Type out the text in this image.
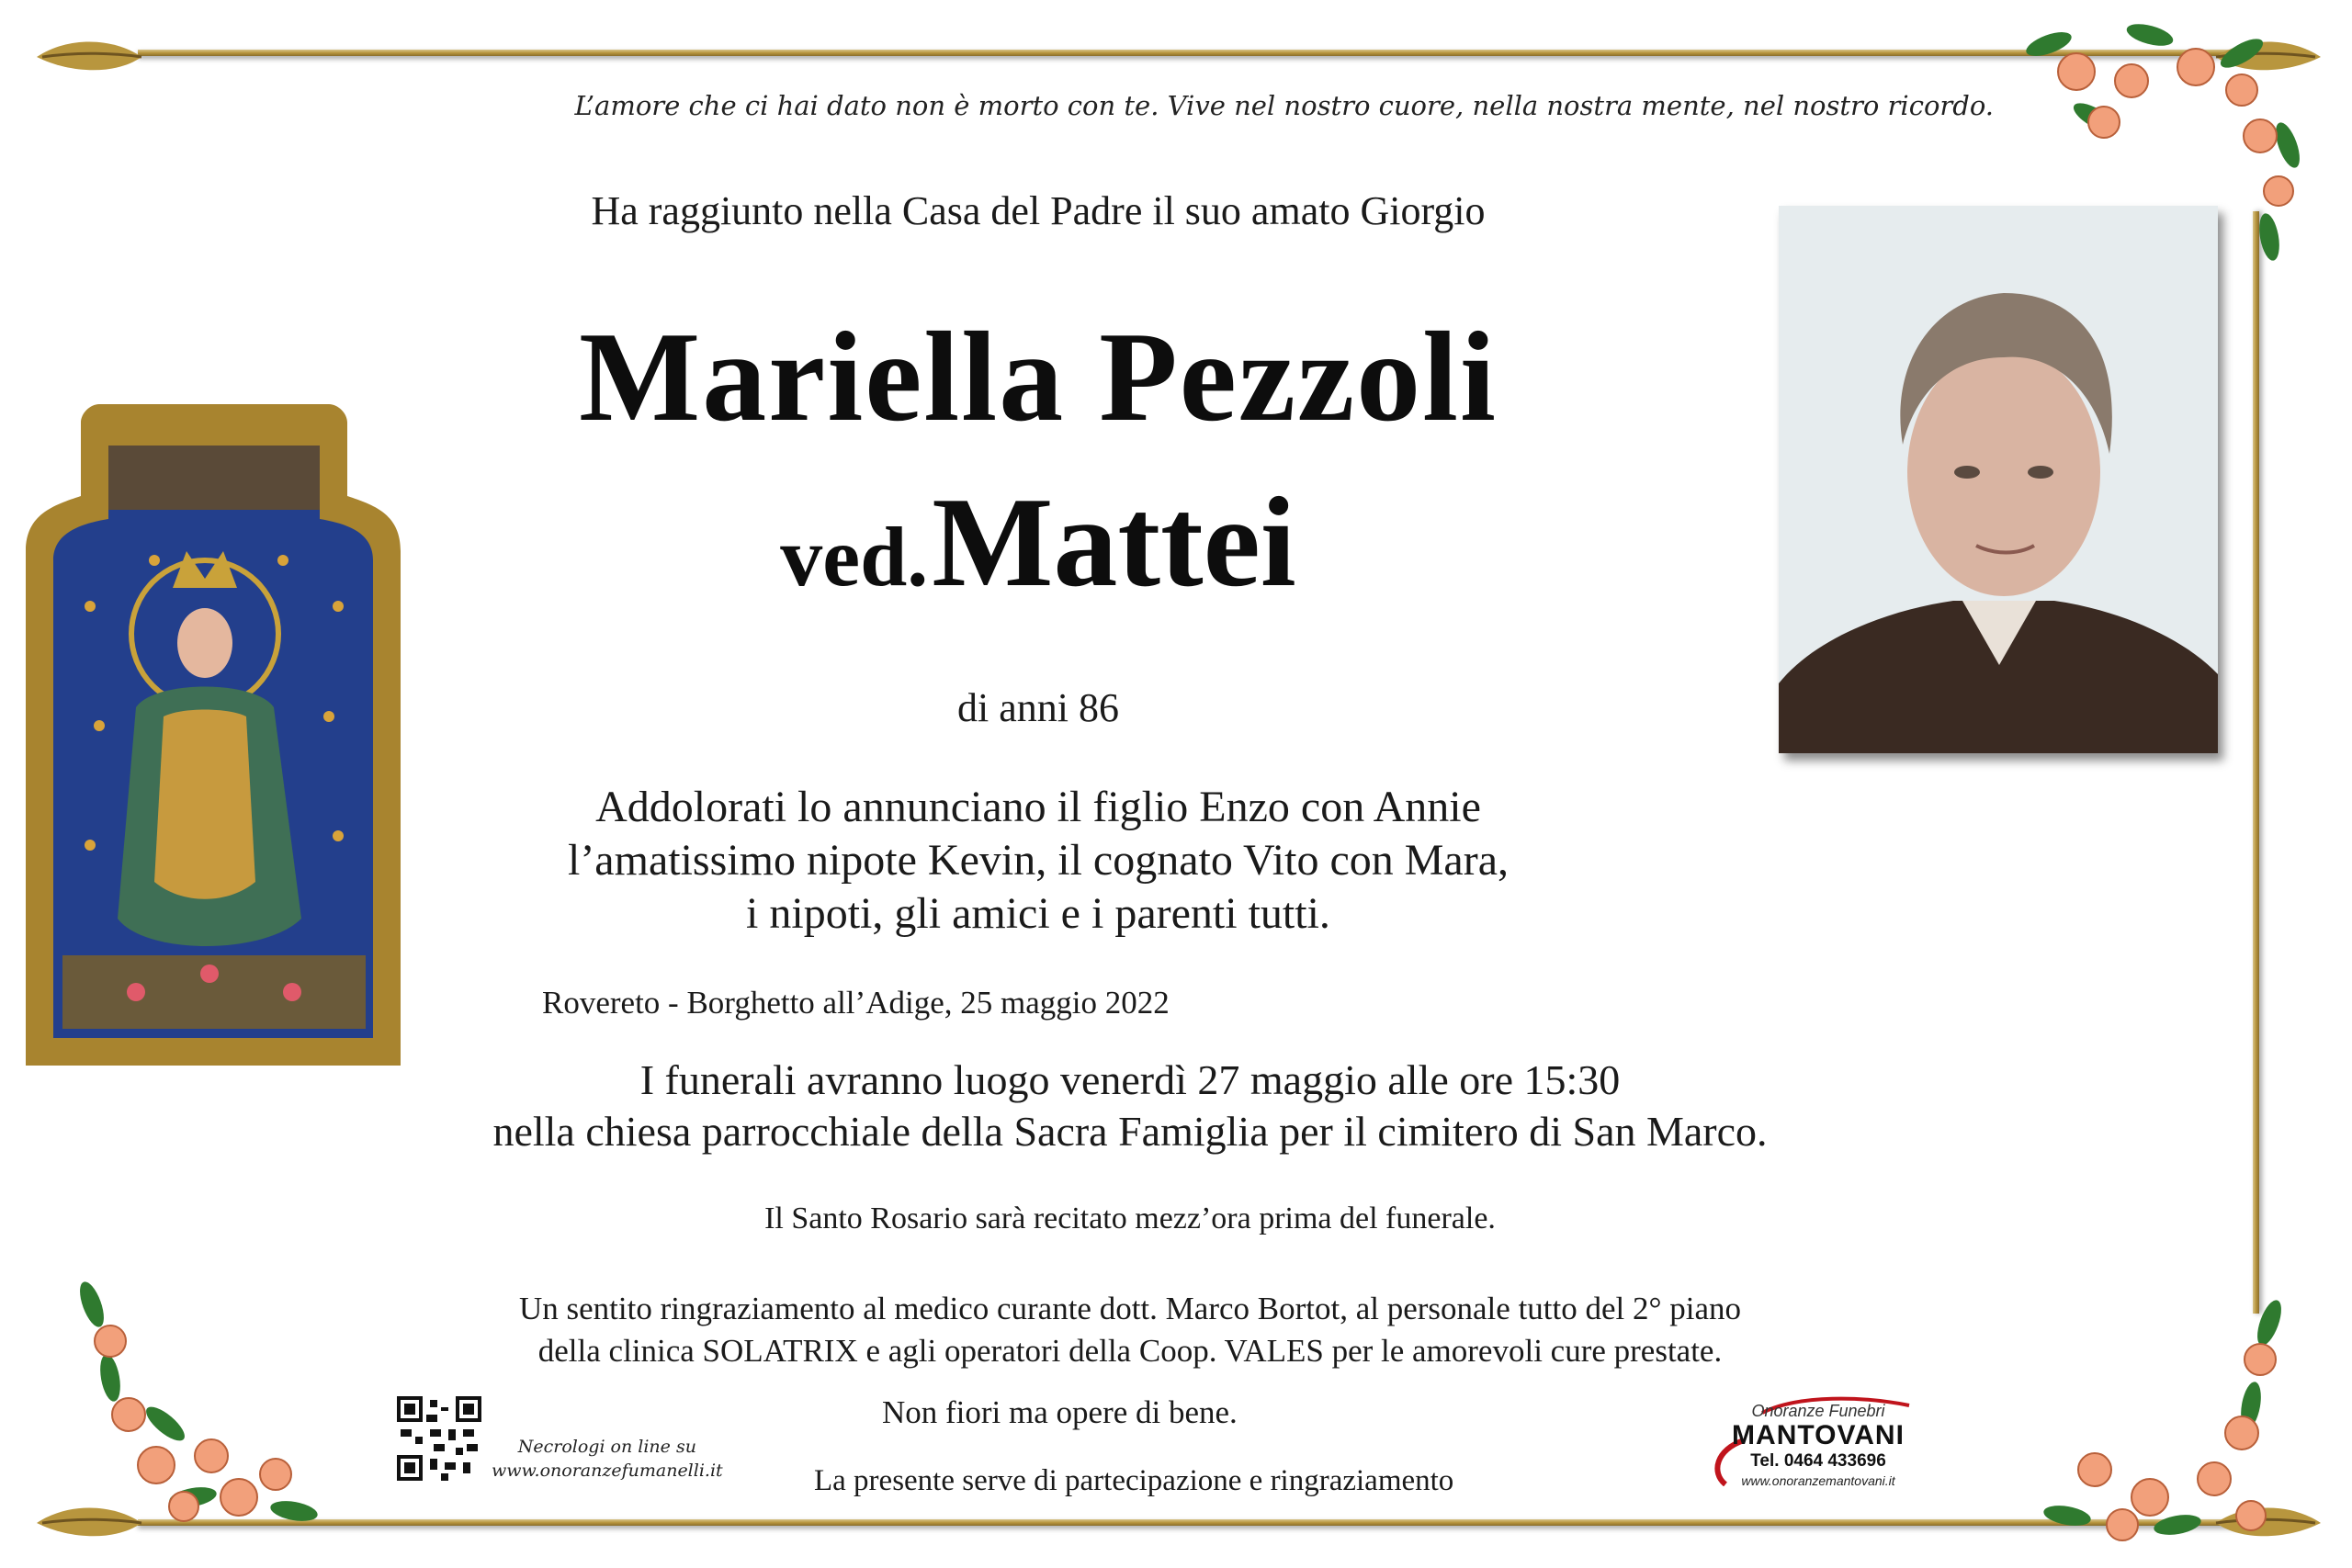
L’amore che ci hai dato non è morto con te. Vive nel nostro cuore, nella nostra mente, nel nostro ricordo.
Ha raggiunto nella Casa del Padre il suo amato Giorgio
Mariella Pezzoli
ved. Mattei
di anni 86
Addolorati lo annunciano il figlio Enzo con Annie
l’amatissimo nipote Kevin, il cognato Vito con Mara,
i nipoti, gli amici e i parenti tutti.
Rovereto - Borghetto all’Adige, 25 maggio 2022
I funerali avranno luogo venerdì 27 maggio alle ore 15:30
nella chiesa parrocchiale della Sacra Famiglia per il cimitero di San Marco.
Il Santo Rosario sarà recitato mezz’ora prima del funerale.
Un sentito ringraziamento al medico curante dott. Marco Bortot, al personale tutto del 2° piano
della clinica SOLATRIX e agli operatori della Coop. VALES per le amorevoli cure prestate.
Non fiori ma opere di bene.
La presente serve di partecipazione e ringraziamento
Necrologi on line su
www.onoranzefumanelli.it
Onoranze Funebri
MANTOVANI
Tel. 0464 433696
www.onoranzemantovani.it
